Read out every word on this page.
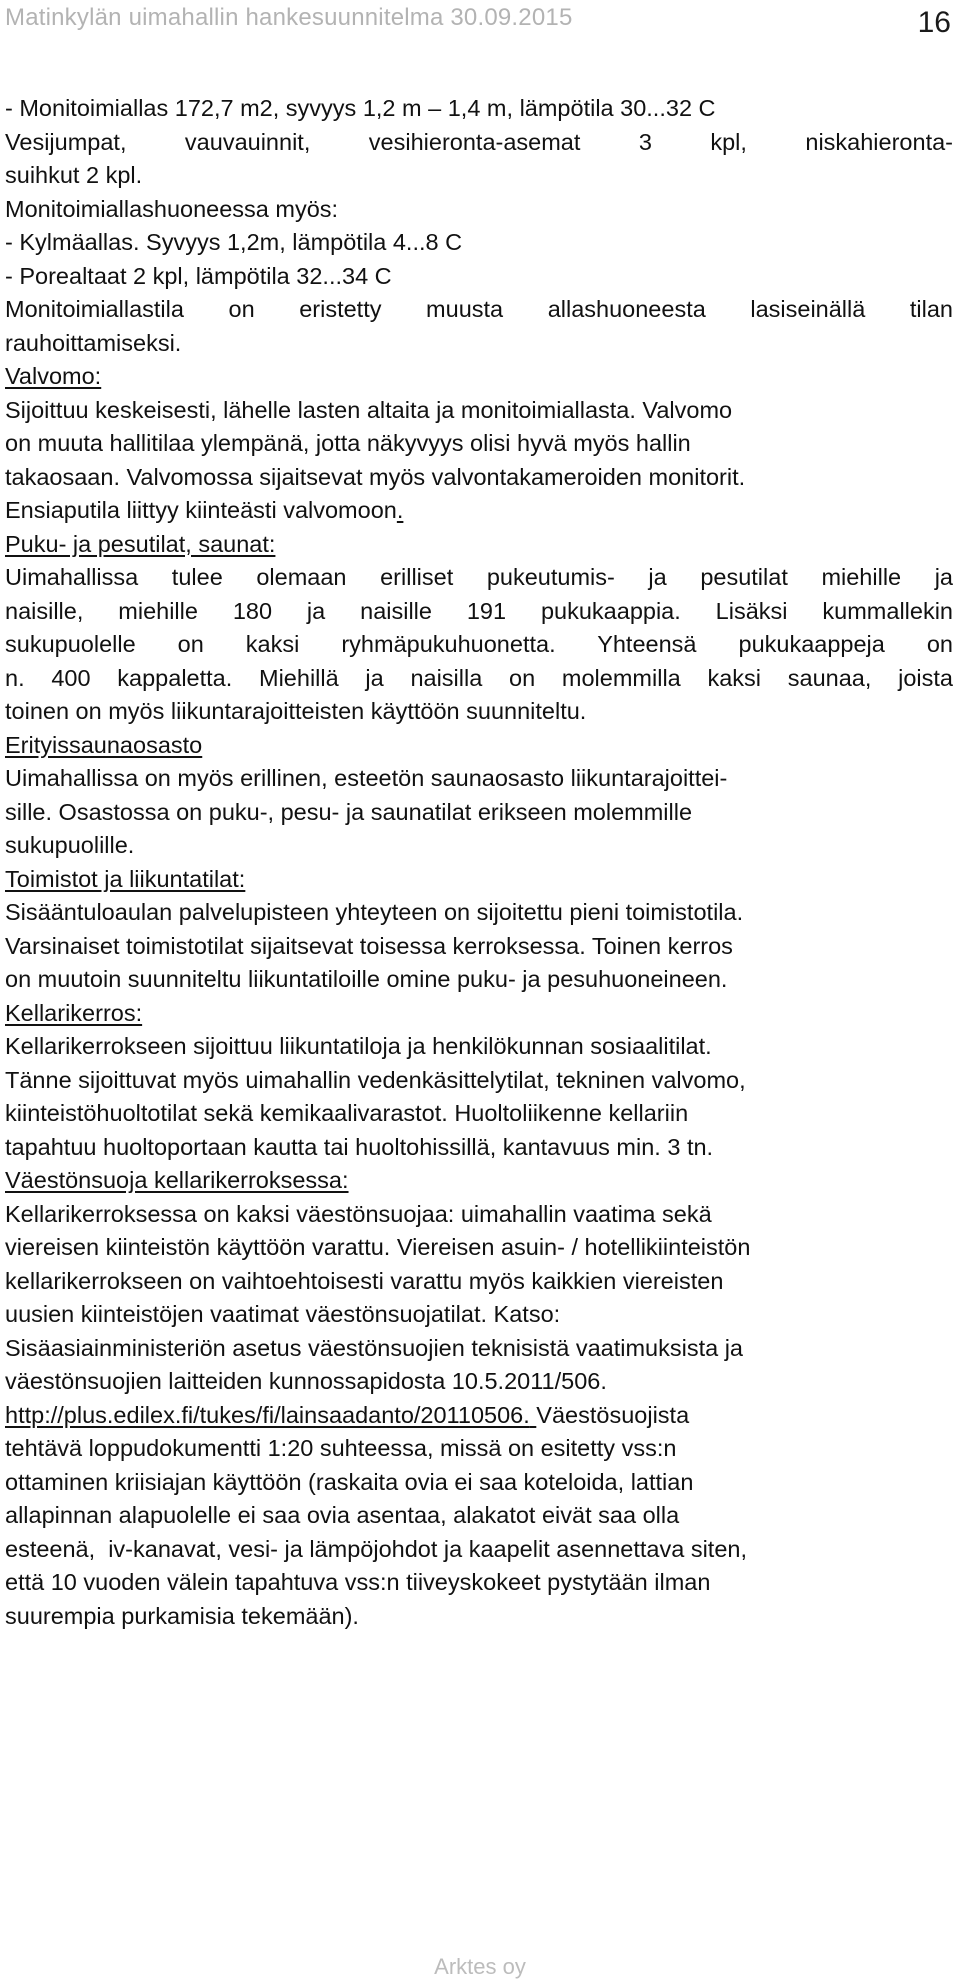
Matinkylän uimahallin hankesuunnitelma 30.09.2015	16

- Monitoimiallas 172,7 m2, syvyys 1,2 m – 1,4 m, lämpötila 30...32 C
Vesijumpat, vauvauinnit, vesihieronta-asemat 3 kpl, niskahieronta-
suihkut 2 kpl.
Monitoimiallashuoneessa myös:
- Kylmäallas. Syvyys 1,2m, lämpötila 4...8 C
- Porealtaat 2 kpl, lämpötila 32...34 C
Monitoimiallastila on eristetty muusta allashuoneesta lasiseinällä tilan
rauhoittamiseksi.

Valvomo:
Sijoittuu keskeisesti, lähelle lasten altaita ja monitoimiallasta. Valvomo
on muuta hallitilaa ylempänä, jotta näkyvyys olisi hyvä myös hallin
takaosaan. Valvomossa sijaitsevat myös valvontakameroiden monitorit.
Ensiaputila liittyy kiinteästi valvomoon.

Puku- ja pesutilat, saunat:
Uimahallissa tulee olemaan erilliset pukeutumis- ja pesutilat miehille ja
naisille, miehille 180 ja naisille 191 pukukaappia. Lisäksi kummallekin
sukupuolelle on kaksi ryhmäpukuhuonetta. Yhteensä pukukaappeja on
n. 400 kappaletta. Miehillä ja naisilla on molemmilla kaksi saunaa, joista
toinen on myös liikuntarajoitteisten käyttöön suunniteltu.

Erityissaunaosasto
Uimahallissa on myös erillinen, esteetön saunaosasto liikuntarajoittei-
sille. Osastossa on puku-, pesu- ja saunatilat erikseen molemmille
sukupuolille.

Toimistot ja liikuntatilat:
Sisääntuloaulan palvelupisteen yhteyteen on sijoitettu pieni toimistotila.
Varsinaiset toimistotilat sijaitsevat toisessa kerroksessa. Toinen kerros
on muutoin suunniteltu liikuntatiloille omine puku- ja pesuhuoneineen.

Kellarikerros:
Kellarikerrokseen sijoittuu liikuntatiloja ja henkilökunnan sosiaalitilat.
Tänne sijoittuvat myös uimahallin vedenkäsittelytilat, tekninen valvomo,
kiinteistöhuoltotilat sekä kemikaalivarastot. Huoltoliikenne kellariin
tapahtuu huoltoportaan kautta tai huoltohissillä, kantavuus min. 3 tn.

Väestönsuoja kellarikerroksessa:
Kellarikerroksessa on kaksi väestönsuojaa: uimahallin vaatima sekä
viereisen kiinteistön käyttöön varattu. Viereisen asuin- / hotellikiinteistön
kellarikerrokseen on vaihtoehtoisesti varattu myös kaikkien viereisten
uusien kiinteistöjen vaatimat väestönsuojatilat. Katso:
Sisäasiainministeriön asetus väestönsuojien teknisistä vaatimuksista ja
väestönsuojien laitteiden kunnossapidosta 10.5.2011/506.
http://plus.edilex.fi/tukes/fi/lainsaadanto/20110506. Väestösuojista
tehtävä loppudokumentti 1:20 suhteessa, missä on esitetty vss:n
ottaminen kriisiajan käyttöön (raskaita ovia ei saa koteloida, lattian
allapinnan alapuolelle ei saa ovia asentaa, alakatot eivät saa olla
esteenä,  iv-kanavat, vesi- ja lämpöjohdot ja kaapelit asennettava siten,
että 10 vuoden välein tapahtuva vss:n tiiveyskokeet pystytään ilman
suurempia purkamisia tekemään).

Arktes oy
